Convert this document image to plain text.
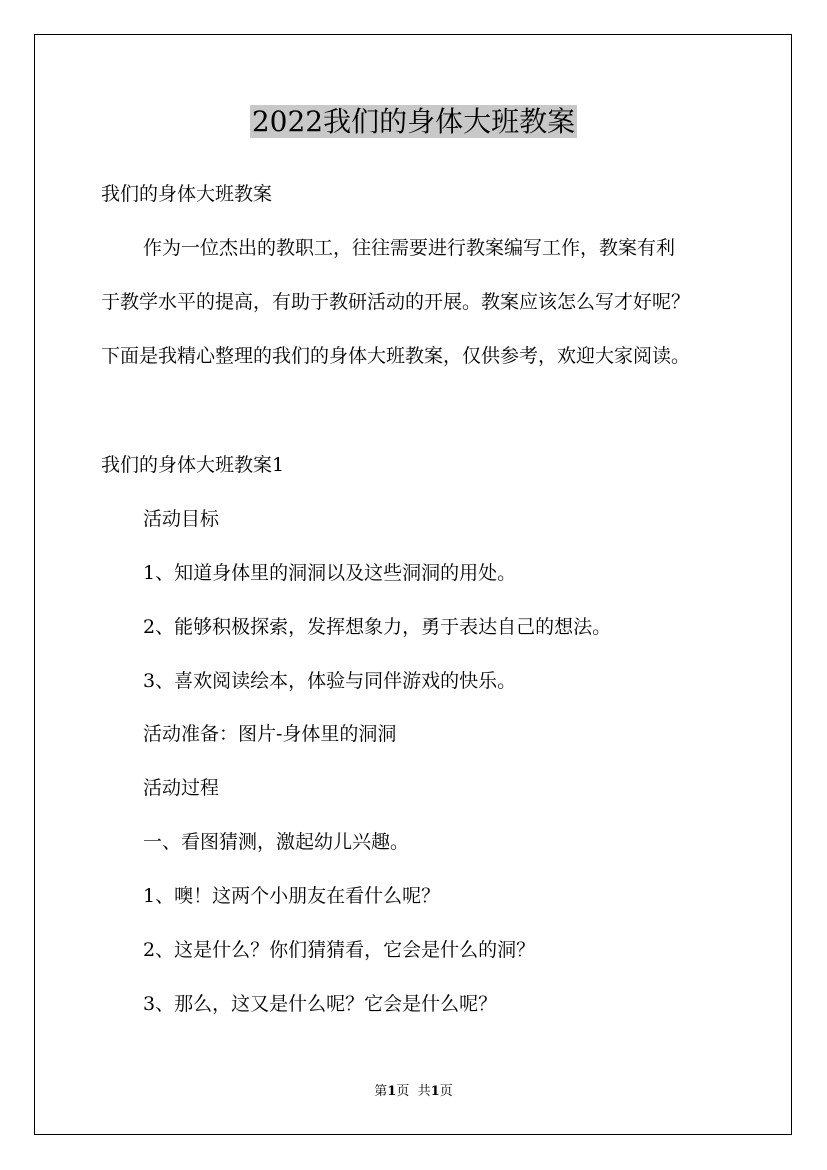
2022我们的身体大班教案
我们的身体大班教案
作为一位杰出的教职工，往往需要进行教案编写工作，教案有利
于教学水平的提高，有助于教研活动的开展。教案应该怎么写才好呢？
下面是我精心整理的我们的身体大班教案，仅供参考，欢迎大家阅读。
我们的身体大班教案1
活动目标
1、知道身体里的洞洞以及这些洞洞的用处。
2、能够积极探索，发挥想象力，勇于表达自己的想法。
3、喜欢阅读绘本，体验与同伴游戏的快乐。
活动准备：图片-身体里的洞洞
活动过程
一、看图猜测，激起幼儿兴趣。
1、噢！这两个小朋友在看什么呢？
2、这是什么？你们猜猜看，它会是什么的洞？
3、那么，这又是什么呢？它会是什么呢？
第1页 共1页
